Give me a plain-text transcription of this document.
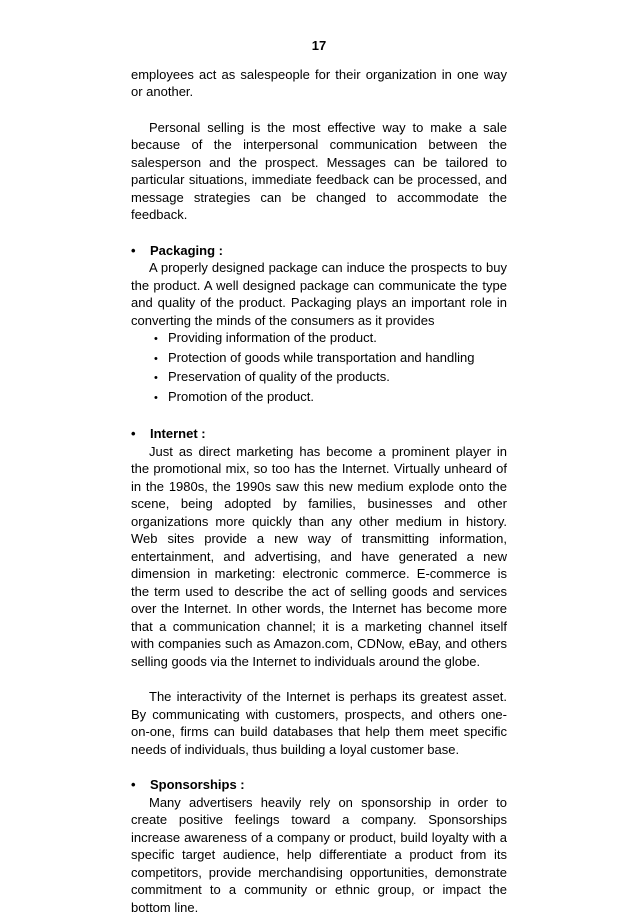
17

employees act as salespeople for their organization in one way or another.

Personal selling is the most effective way to make a sale because of the interpersonal communication between the salesperson and the prospect. Messages can be tailored to particular situations, immediate feedback can be processed, and message strategies can be changed to accommodate the feedback.

•	Packaging :

A properly designed package can induce the prospects to buy the product. A well designed package can communicate the type and quality of the product. Packaging plays an important role in converting the minds of the consumers as it provides

• Providing information of the product.
• Protection of goods while transportation and handling
• Preservation of quality of the products.
• Promotion of the product.
•	Internet :

Just as direct marketing has become a prominent player in the promotional mix, so too has the Internet. Virtually unheard of in the 1980s, the 1990s saw this new medium explode onto the scene, being adopted by families, businesses and other organizations more quickly than any other medium in history. Web sites provide a new way of transmitting information, entertainment, and advertising, and have generated a new dimension in marketing: electronic commerce. E-commerce is the term used to describe the act of selling goods and services over the Internet. In other words, the Internet has become more that a communication channel; it is a marketing channel itself with companies such as Amazon.com, CDNow, eBay, and others selling goods via the Internet to individuals around the globe.

The interactivity of the Internet is perhaps its greatest asset. By communicating with customers, prospects, and others one-on-one, firms can build databases that help them meet specific needs of individuals, thus building a loyal customer base.

•	Sponsorships :

Many advertisers heavily rely on sponsorship in order to create positive feelings toward a company. Sponsorships increase awareness of a company or product, build loyalty with a specific target audience, help differentiate a product from its competitors, provide merchandising opportunities, demonstrate commitment to a community or ethnic group, or impact the bottom line.
